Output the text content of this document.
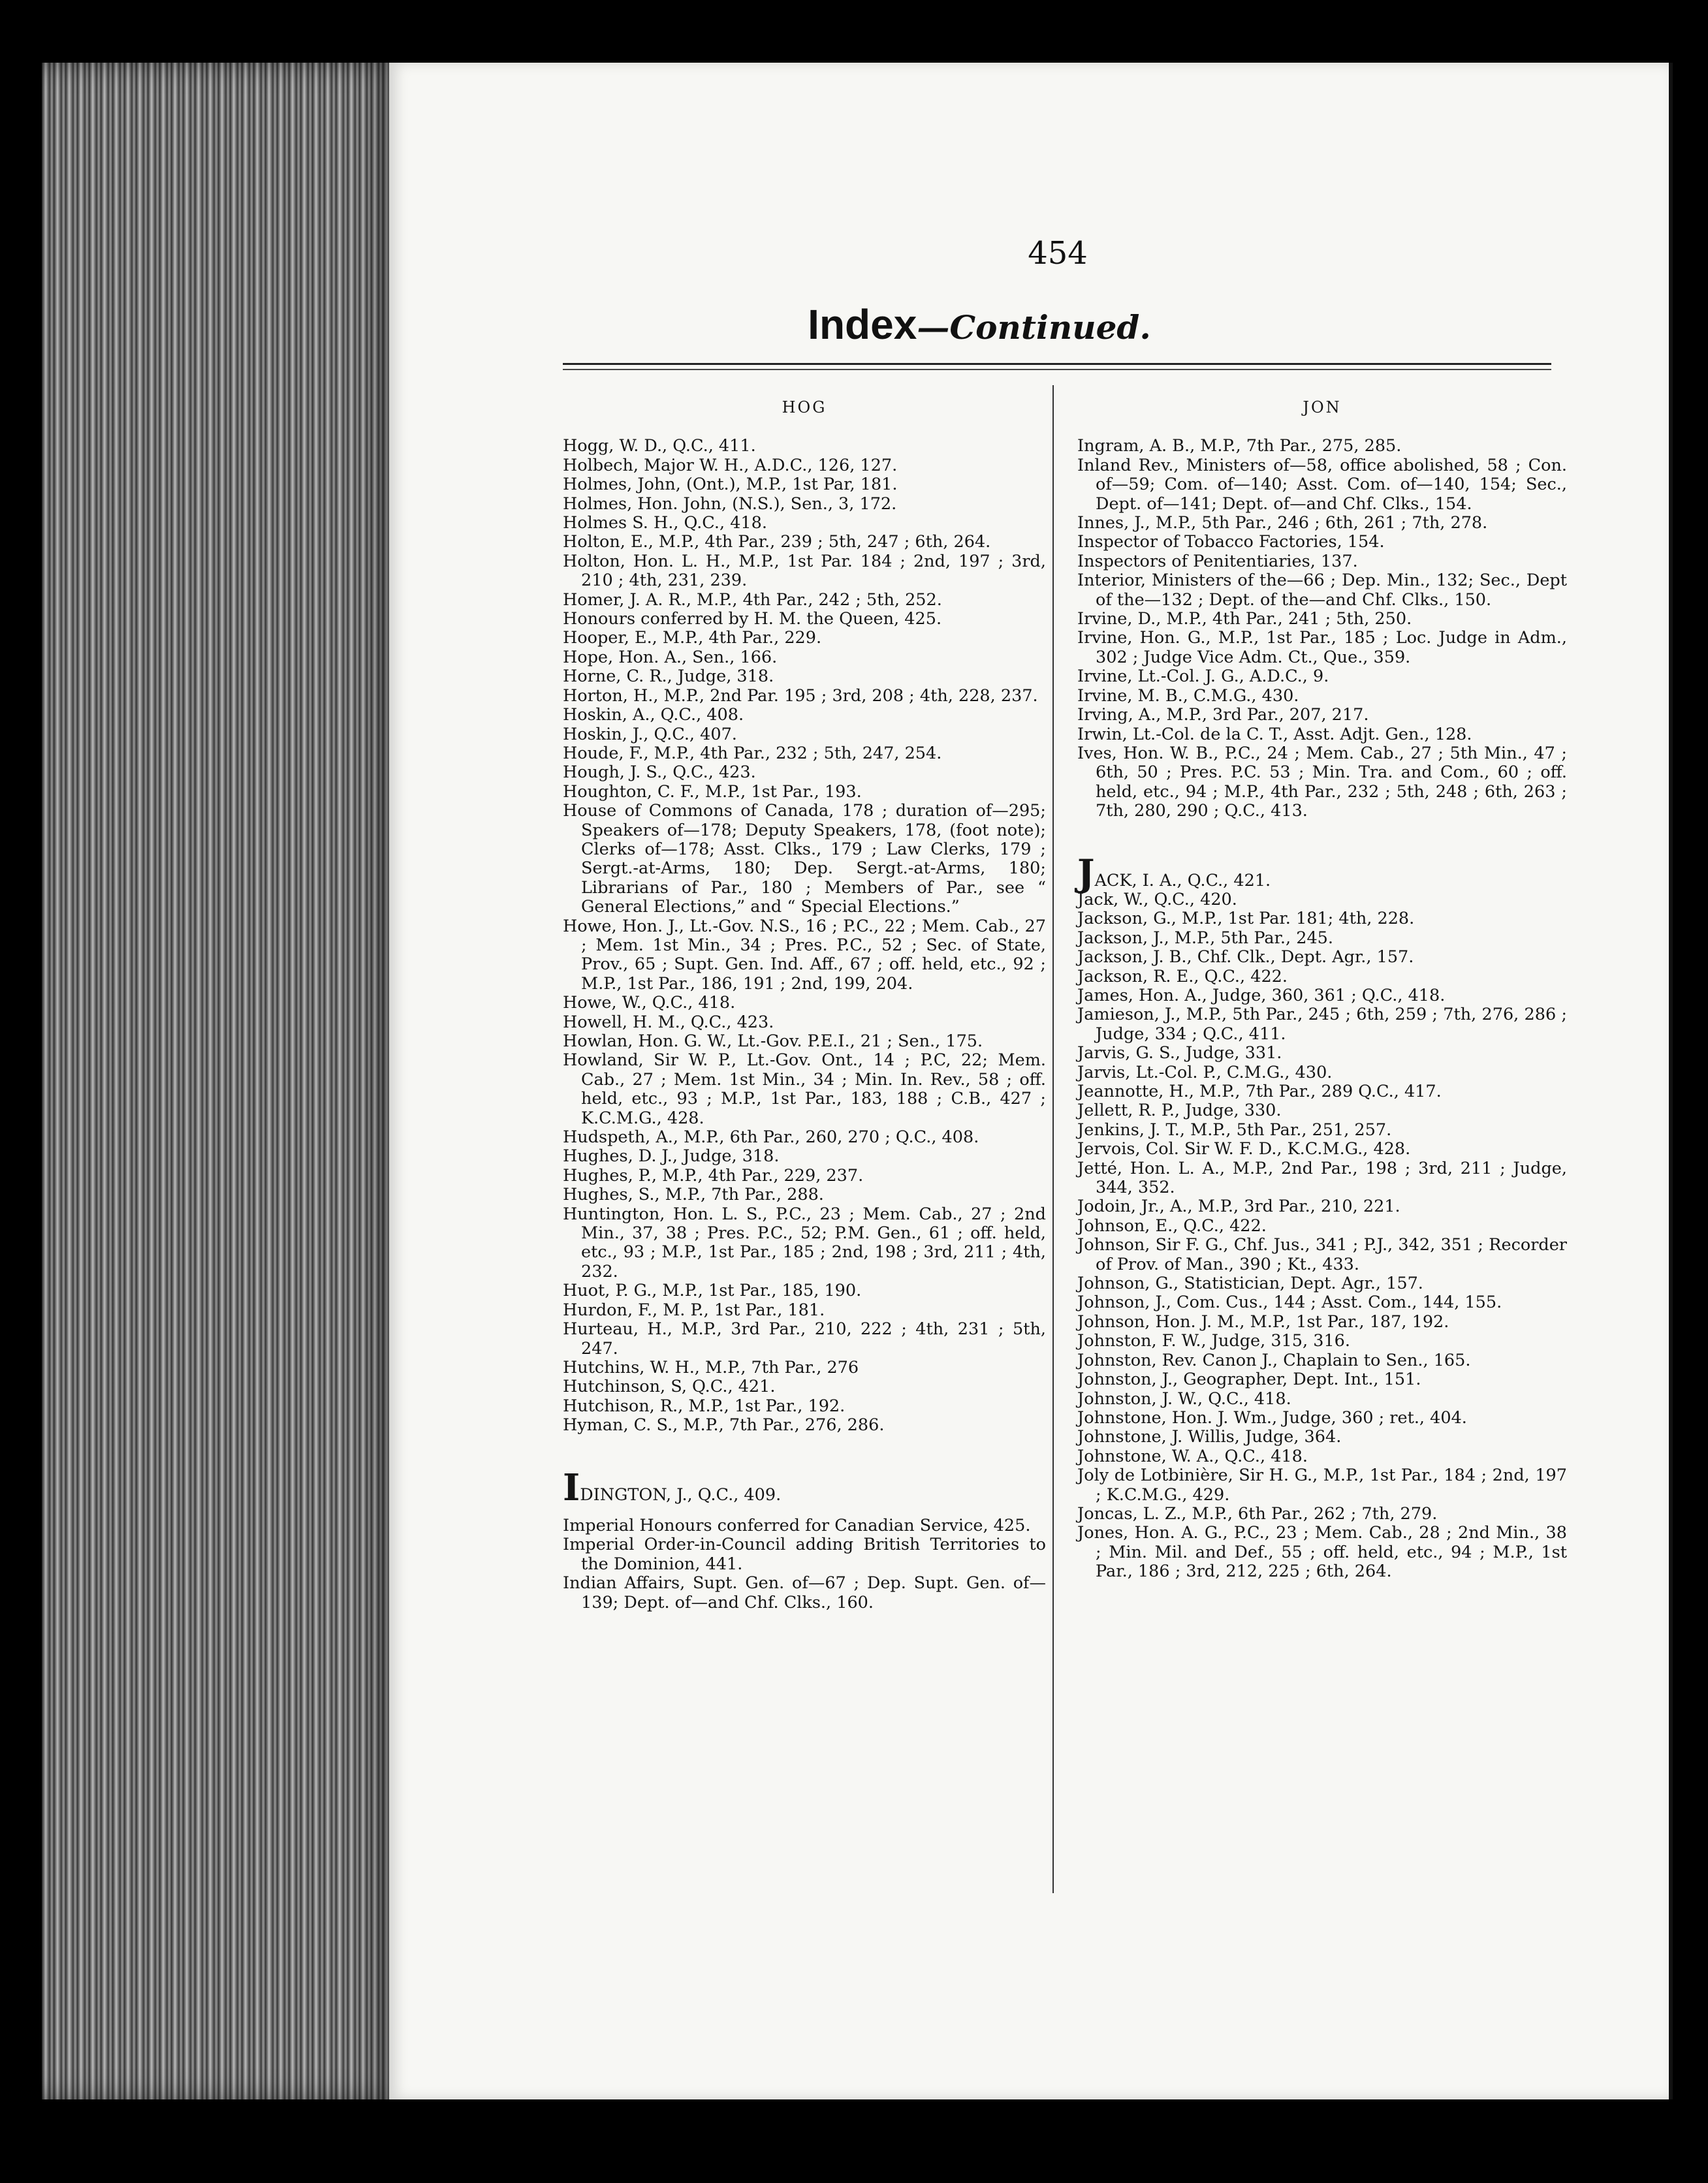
454
Index—Continued.
HOG
Hogg, W. D., Q.C., 411.
Holbech, Major W. H., A.D.C., 126, 127.
Holmes, John, (Ont.), M.P., 1st Par, 181.
Holmes, Hon. John, (N.S.), Sen., 3, 172.
Holmes S. H., Q.C., 418.
Holton, E., M.P., 4th Par., 239 ; 5th, 247 ; 6th, 264.
Holton, Hon. L. H., M.P., 1st Par. 184 ; 2nd, 197 ; 3rd, 210 ; 4th, 231, 239.
Homer, J. A. R., M.P., 4th Par., 242 ; 5th, 252.
Honours conferred by H. M. the Queen, 425.
Hooper, E., M.P., 4th Par., 229.
Hope, Hon. A., Sen., 166.
Horne, C. R., Judge, 318.
Horton, H., M.P., 2nd Par. 195 ; 3rd, 208 ; 4th, 228, 237.
Hoskin, A., Q.C., 408.
Hoskin, J., Q.C., 407.
Houde, F., M.P., 4th Par., 232 ; 5th, 247, 254.
Hough, J. S., Q.C., 423.
Houghton, C. F., M.P., 1st Par., 193.
House of Commons of Canada, 178 ; duration of—295; Speakers of—178; Deputy Speakers, 178, (foot note); Clerks of—178; Asst. Clks., 179 ; Law Clerks, 179 ; Sergt.-at-Arms, 180; Dep. Sergt.-at-Arms, 180; Librarians of Par., 180 ; Members of Par., see “ General Elections,” and “ Special Elections.”
Howe, Hon. J., Lt.-Gov. N.S., 16 ; P.C., 22 ; Mem. Cab., 27 ; Mem. 1st Min., 34 ; Pres. P.C., 52 ; Sec. of State, Prov., 65 ; Supt. Gen. Ind. Aff., 67 ; off. held, etc., 92 ; M.P., 1st Par., 186, 191 ; 2nd, 199, 204.
Howe, W., Q.C., 418.
Howell, H. M., Q.C., 423.
Howlan, Hon. G. W., Lt.-Gov. P.E.I., 21 ; Sen., 175.
Howland, Sir W. P., Lt.-Gov. Ont., 14 ; P.C, 22; Mem. Cab., 27 ; Mem. 1st Min., 34 ; Min. In. Rev., 58 ; off. held, etc., 93 ; M.P., 1st Par., 183, 188 ; C.B., 427 ; K.C.M.G., 428.
Hudspeth, A., M.P., 6th Par., 260, 270 ; Q.C., 408.
Hughes, D. J., Judge, 318.
Hughes, P., M.P., 4th Par., 229, 237.
Hughes, S., M.P., 7th Par., 288.
Huntington, Hon. L. S., P.C., 23 ; Mem. Cab., 27 ; 2nd Min., 37, 38 ; Pres. P.C., 52; P.M. Gen., 61 ; off. held, etc., 93 ; M.P., 1st Par., 185 ; 2nd, 198 ; 3rd, 211 ; 4th, 232.
Huot, P. G., M.P., 1st Par., 185, 190.
Hurdon, F., M. P., 1st Par., 181.
Hurteau, H., M.P., 3rd Par., 210, 222 ; 4th, 231 ; 5th, 247.
Hutchins, W. H., M.P., 7th Par., 276
Hutchinson, S, Q.C., 421.
Hutchison, R., M.P., 1st Par., 192.
Hyman, C. S., M.P., 7th Par., 276, 286.
IDINGTON, J., Q.C., 409.
Imperial Honours conferred for Canadian Service, 425.
Imperial Order-in-Council adding British Territories to the Dominion, 441.
Indian Affairs, Supt. Gen. of—67 ; Dep. Supt. Gen. of—139; Dept. of—and Chf. Clks., 160.
JON
Ingram, A. B., M.P., 7th Par., 275, 285.
Inland Rev., Ministers of—58, office abolished, 58 ; Con. of—59; Com. of—140; Asst. Com. of—140, 154; Sec., Dept. of—141; Dept. of—and Chf. Clks., 154.
Innes, J., M.P., 5th Par., 246 ; 6th, 261 ; 7th, 278.
Inspector of Tobacco Factories, 154.
Inspectors of Penitentiaries, 137.
Interior, Ministers of the—66 ; Dep. Min., 132; Sec., Dept of the—132 ; Dept. of the—and Chf. Clks., 150.
Irvine, D., M.P., 4th Par., 241 ; 5th, 250.
Irvine, Hon. G., M.P., 1st Par., 185 ; Loc. Judge in Adm., 302 ; Judge Vice Adm. Ct., Que., 359.
Irvine, Lt.-Col. J. G., A.D.C., 9.
Irvine, M. B., C.M.G., 430.
Irving, A., M.P., 3rd Par., 207, 217.
Irwin, Lt.-Col. de la C. T., Asst. Adjt. Gen., 128.
Ives, Hon. W. B., P.C., 24 ; Mem. Cab., 27 ; 5th Min., 47 ; 6th, 50 ; Pres. P.C. 53 ; Min. Tra. and Com., 60 ; off. held, etc., 94 ; M.P., 4th Par., 232 ; 5th, 248 ; 6th, 263 ; 7th, 280, 290 ; Q.C., 413.
JACK, I. A., Q.C., 421.
Jack, W., Q.C., 420.
Jackson, G., M.P., 1st Par. 181; 4th, 228.
Jackson, J., M.P., 5th Par., 245.
Jackson, J. B., Chf. Clk., Dept. Agr., 157.
Jackson, R. E., Q.C., 422.
James, Hon. A., Judge, 360, 361 ; Q.C., 418.
Jamieson, J., M.P., 5th Par., 245 ; 6th, 259 ; 7th, 276, 286 ; Judge, 334 ; Q.C., 411.
Jarvis, G. S., Judge, 331.
Jarvis, Lt.-Col. P., C.M.G., 430.
Jeannotte, H., M.P., 7th Par., 289 Q.C., 417.
Jellett, R. P., Judge, 330.
Jenkins, J. T., M.P., 5th Par., 251, 257.
Jervois, Col. Sir W. F. D., K.C.M.G., 428.
Jetté, Hon. L. A., M.P., 2nd Par., 198 ; 3rd, 211 ; Judge, 344, 352.
Jodoin, Jr., A., M.P., 3rd Par., 210, 221.
Johnson, E., Q.C., 422.
Johnson, Sir F. G., Chf. Jus., 341 ; P.J., 342, 351 ; Recorder of Prov. of Man., 390 ; Kt., 433.
Johnson, G., Statistician, Dept. Agr., 157.
Johnson, J., Com. Cus., 144 ; Asst. Com., 144, 155.
Johnson, Hon. J. M., M.P., 1st Par., 187, 192.
Johnston, F. W., Judge, 315, 316.
Johnston, Rev. Canon J., Chaplain to Sen., 165.
Johnston, J., Geographer, Dept. Int., 151.
Johnston, J. W., Q.C., 418.
Johnstone, Hon. J. Wm., Judge, 360 ; ret., 404.
Johnstone, J. Willis, Judge, 364.
Johnstone, W. A., Q.C., 418.
Joly de Lotbinière, Sir H. G., M.P., 1st Par., 184 ; 2nd, 197 ; K.C.M.G., 429.
Joncas, L. Z., M.P., 6th Par., 262 ; 7th, 279.
Jones, Hon. A. G., P.C., 23 ; Mem. Cab., 28 ; 2nd Min., 38 ; Min. Mil. and Def., 55 ; off. held, etc., 94 ; M.P., 1st Par., 186 ; 3rd, 212, 225 ; 6th, 264.
